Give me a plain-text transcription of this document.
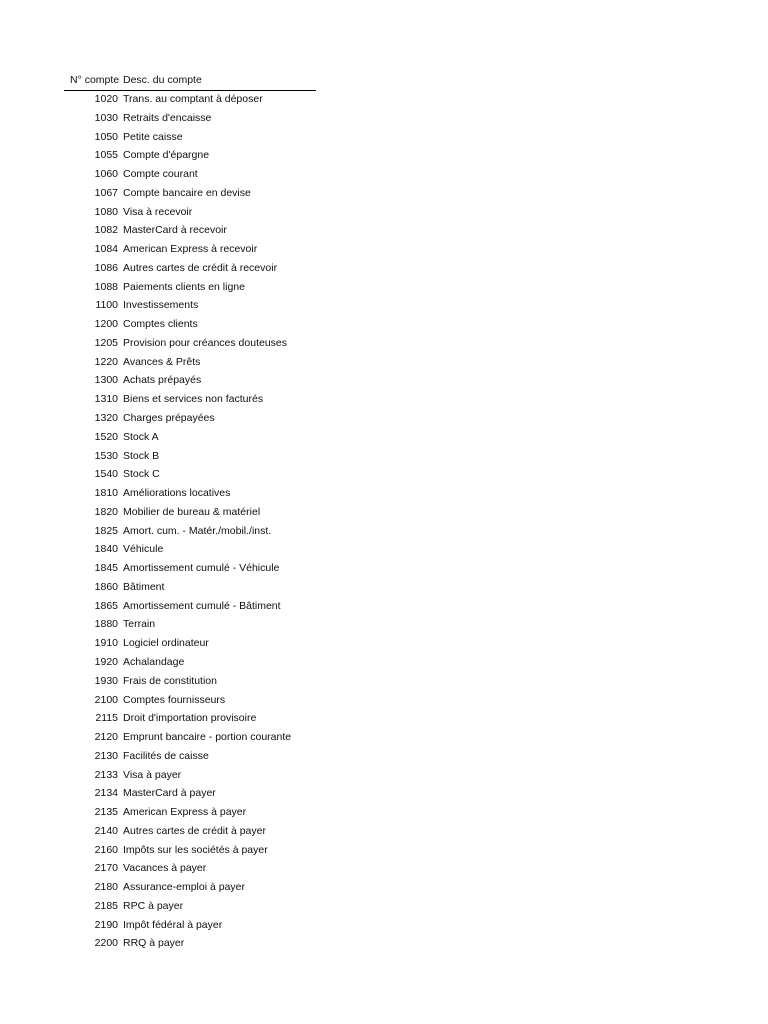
N° compte Desc. du compte
1020 Trans. au comptant à déposer
1030 Retraits d'encaisse
1050 Petite caisse
1055 Compte d'épargne
1060 Compte courant
1067 Compte bancaire en devise
1080 Visa à recevoir
1082 MasterCard à recevoir
1084 American Express à recevoir
1086 Autres cartes de crédit à recevoir
1088 Paiements clients en ligne
1100 Investissements
1200 Comptes clients
1205 Provision pour créances douteuses
1220 Avances & Prêts
1300 Achats prépayés
1310 Biens et services non facturés
1320 Charges prépayées
1520 Stock A
1530 Stock B
1540 Stock C
1810 Améliorations locatives
1820 Mobilier de bureau & matériel
1825 Amort. cum. - Matér./mobil./inst.
1840 Véhicule
1845 Amortissement cumulé - Véhicule
1860 Bâtiment
1865 Amortissement cumulé - Bâtiment
1880 Terrain
1910 Logiciel ordinateur
1920 Achalandage
1930 Frais de constitution
2100 Comptes fournisseurs
2115 Droit d'importation provisoire
2120 Emprunt bancaire - portion courante
2130 Facilités de caisse
2133 Visa à payer
2134 MasterCard à payer
2135 American Express à payer
2140 Autres cartes de crédit à payer
2160 Impôts sur les sociétés à payer
2170 Vacances à payer
2180 Assurance-emploi à payer
2185 RPC à payer
2190 Impôt fédéral à payer
2200 RRQ à payer
